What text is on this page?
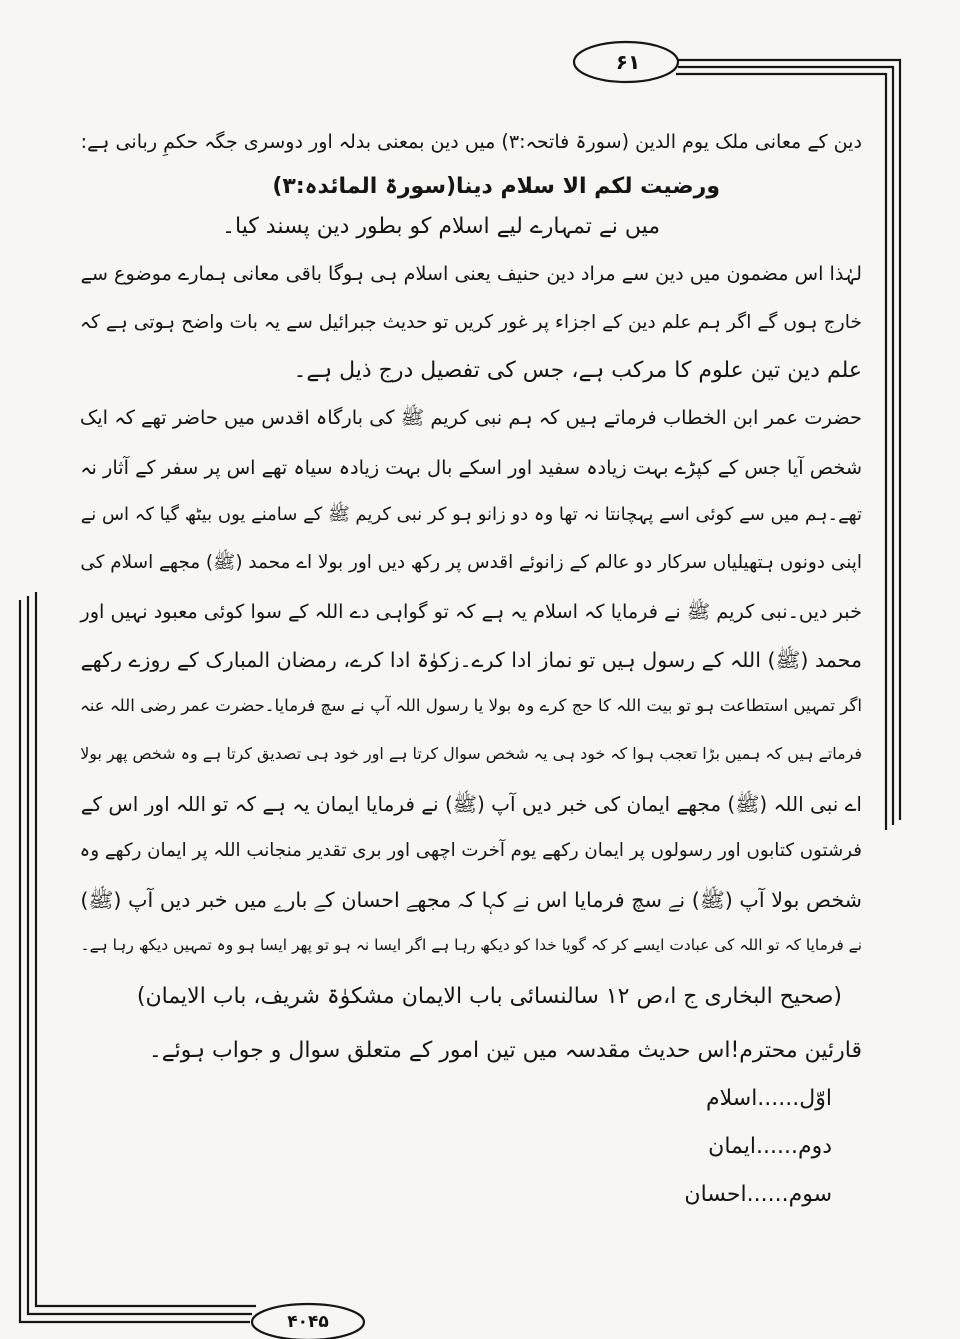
۶۱
۴۰۴۵
دین کے معانی ملک یوم الدین (سورۃ فاتحہ:۳) میں دین بمعنی بدلہ اور دوسری جگہ حکمِ ربانی ہے:
ورضیت لکم الا سلام دینا(سورۃ المائدہ:۳)
میں نے تمہارے لیے اسلام کو بطور دین پسند کیا۔
لہٰذا اس مضمون میں دین سے مراد دین حنیف یعنی اسلام ہی ہوگا باقی معانی ہمارے موضوع سے
خارج ہوں گے اگر ہم علم دین کے اجزاء پر غور کریں تو حدیث جبرائیل سے یہ بات واضح ہوتی ہے کہ
علم دین تین علوم کا مرکب ہے، جس کی تفصیل درج ذیل ہے۔
حضرت عمر ابن الخطاب فرماتے ہیں کہ ہم نبی کریم ﷺ کی بارگاہ اقدس میں حاضر تھے کہ ایک
شخص آیا جس کے کپڑے بہت زیادہ سفید اور اسکے بال بہت زیادہ سیاہ تھے اس پر سفر کے آثار نہ
تھے۔ہم میں سے کوئی اسے پہچانتا نہ تھا وہ دو زانو ہو کر نبی کریم ﷺ کے سامنے یوں بیٹھ گیا کہ اس نے
اپنی دونوں ہتھیلیاں سرکار دو عالم کے زانوئے اقدس پر رکھ دیں اور بولا اے محمد (ﷺ) مجھے اسلام کی
خبر دیں۔نبی کریم ﷺ نے فرمایا کہ اسلام یہ ہے کہ تو گواہی دے اللہ کے سوا کوئی معبود نہیں اور
محمد (ﷺ) اللہ کے رسول ہیں تو نماز ادا کرے۔زکوٰۃ ادا کرے، رمضان المبارک کے روزے رکھے
اگر تمہیں استطاعت ہو تو بیت اللہ کا حج کرے وہ بولا یا رسول اللہ آپ نے سچ فرمایا۔حضرت عمر رضی اللہ عنہ
فرماتے ہیں کہ ہمیں بڑا تعجب ہوا کہ خود ہی یہ شخص سوال کرتا ہے اور خود ہی تصدیق کرتا ہے وہ شخص پھر بولا
اے نبی اللہ (ﷺ) مجھے ایمان کی خبر دیں آپ (ﷺ) نے فرمایا ایمان یہ ہے کہ تو اللہ اور اس کے
فرشتوں کتابوں اور رسولوں پر ایمان رکھے یوم آخرت اچھی اور بری تقدیر منجانب اللہ پر ایمان رکھے وہ
شخص بولا آپ (ﷺ) نے سچ فرمایا اس نے کہا کہ مجھے احسان کے بارے میں خبر دیں آپ (ﷺ)
نے فرمایا کہ تو اللہ کی عبادت ایسے کر کہ گویا خدا کو دیکھ رہا ہے اگر ایسا نہ ہو تو پھر ایسا ہو وہ تمہیں دیکھ رہا ہے۔
(صحیح البخاری ج ا،ص ۱۲ سالنسائی باب الایمان مشکوٰۃ شریف، باب الایمان)
قارئین محترم!اس حدیث مقدسہ میں تین امور کے متعلق سوال و جواب ہوئے۔
اوّل......اسلام
دوم......ایمان
سوم......احسان
